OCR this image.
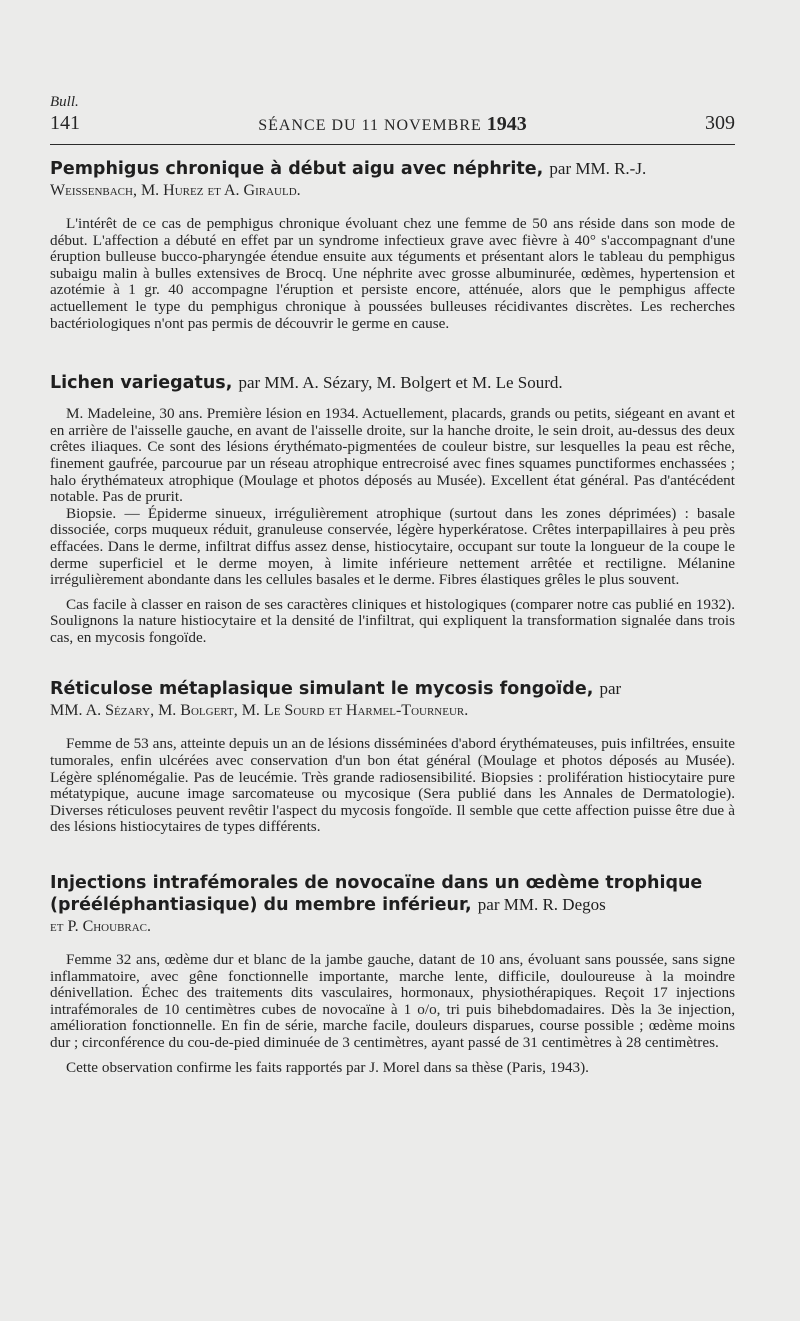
Bull.
141	SÉANCE DU 11 NOVEMBRE 1943	309
Pemphigus chronique à début aigu avec néphrite, par MM. R.-J.
Weissenbach, M. Hurez et A. Girauld.

L'intérêt de ce cas de pemphigus chronique évoluant chez une femme de 50 ans réside dans son mode de début. L'affection a débuté en effet par un syndrome infectieux grave avec fièvre à 40° s'accompagnant d'une éruption bulleuse bucco-pharyngée étendue ensuite aux téguments et présentant alors le tableau du pemphigus subaigu malin à bulles extensives de Brocq. Une néphrite avec grosse albuminurée, œdèmes, hypertension et azotémie à 1 gr. 40 accompagne l'éruption et persiste encore, atténuée, alors que le pemphigus affecte actuellement le type du pemphigus chronique à poussées bulleuses récidivantes discrètes. Les recherches bactériologiques n'ont pas permis de découvrir le germe en cause.

Lichen variegatus, par MM. A. Sézary, M. Bolgert et M. Le Sourd.

M. Madeleine, 30 ans. Première lésion en 1934. Actuellement, placards, grands ou petits, siégeant en avant et en arrière de l'aisselle gauche, en avant de l'aisselle droite, sur la hanche droite, le sein droit, au-dessus des deux crêtes iliaques. Ce sont des lésions érythémato-pigmentées de couleur bistre, sur lesquelles la peau est rêche, finement gaufrée, parcourue par un réseau atrophique entrecroisé avec fines squames punctiformes enchassées ; halo érythémateux atrophique (Moulage et photos déposés au Musée). Excellent état général. Pas d'antécédent notable. Pas de prurit.

Biopsie. — Épiderme sinueux, irrégulièrement atrophique (surtout dans les zones déprimées) : basale dissociée, corps muqueux réduit, granuleuse conservée, légère hyperkératose. Crêtes interpapillaires à peu près effacées. Dans le derme, infiltrat diffus assez dense, histiocytaire, occupant sur toute la longueur de la coupe le derme superficiel et le derme moyen, à limite inférieure nettement arrêtée et rectiligne. Mélanine irrégulièrement abondante dans les cellules basales et le derme. Fibres élastiques grêles le plus souvent.

Cas facile à classer en raison de ses caractères cliniques et histologiques (comparer notre cas publié en 1932). Soulignons la nature histiocytaire et la densité de l'infiltrat, qui expliquent la transformation signalée dans trois cas, en mycosis fongoïde.

Réticulose métaplasique simulant le mycosis fongoïde, par
MM. A. Sézary, M. Bolgert, M. Le Sourd et Harmel-Tourneur.

Femme de 53 ans, atteinte depuis un an de lésions disséminées d'abord érythémateuses, puis infiltrées, ensuite tumorales, enfin ulcérées avec conservation d'un bon état général (Moulage et photos déposés au Musée). Légère splénomégalie. Pas de leucémie. Très grande radiosensibilité. Biopsies : prolifération histiocytaire pure métatypique, aucune image sarcomateuse ou mycosique (Sera publié dans les Annales de Dermatologie). Diverses réticuloses peuvent revêtir l'aspect du mycosis fongoïde. Il semble que cette affection puisse être due à des lésions histiocytaires de types différents.

Injections intrafémorales de novocaïne dans un œdème trophique (prééléphantiasique) du membre inférieur, par MM. R. Degos
et P. Choubrac.

Femme 32 ans, œdème dur et blanc de la jambe gauche, datant de 10 ans, évoluant sans poussée, sans signe inflammatoire, avec gêne fonctionnelle importante, marche lente, difficile, douloureuse à la moindre dénivellation. Échec des traitements dits vasculaires, hormonaux, physiothérapiques. Reçoit 17 injections intrafémorales de 10 centimètres cubes de novocaïne à 1 o/o, tri puis bihebdomadaires. Dès la 3e injection, amélioration fonctionnelle. En fin de série, marche facile, douleurs disparues, course possible ; œdème moins dur ; circonférence du cou-de-pied diminuée de 3 centimètres, ayant passé de 31 centimètres à 28 centimètres.

Cette observation confirme les faits rapportés par J. Morel dans sa thèse (Paris, 1943).
